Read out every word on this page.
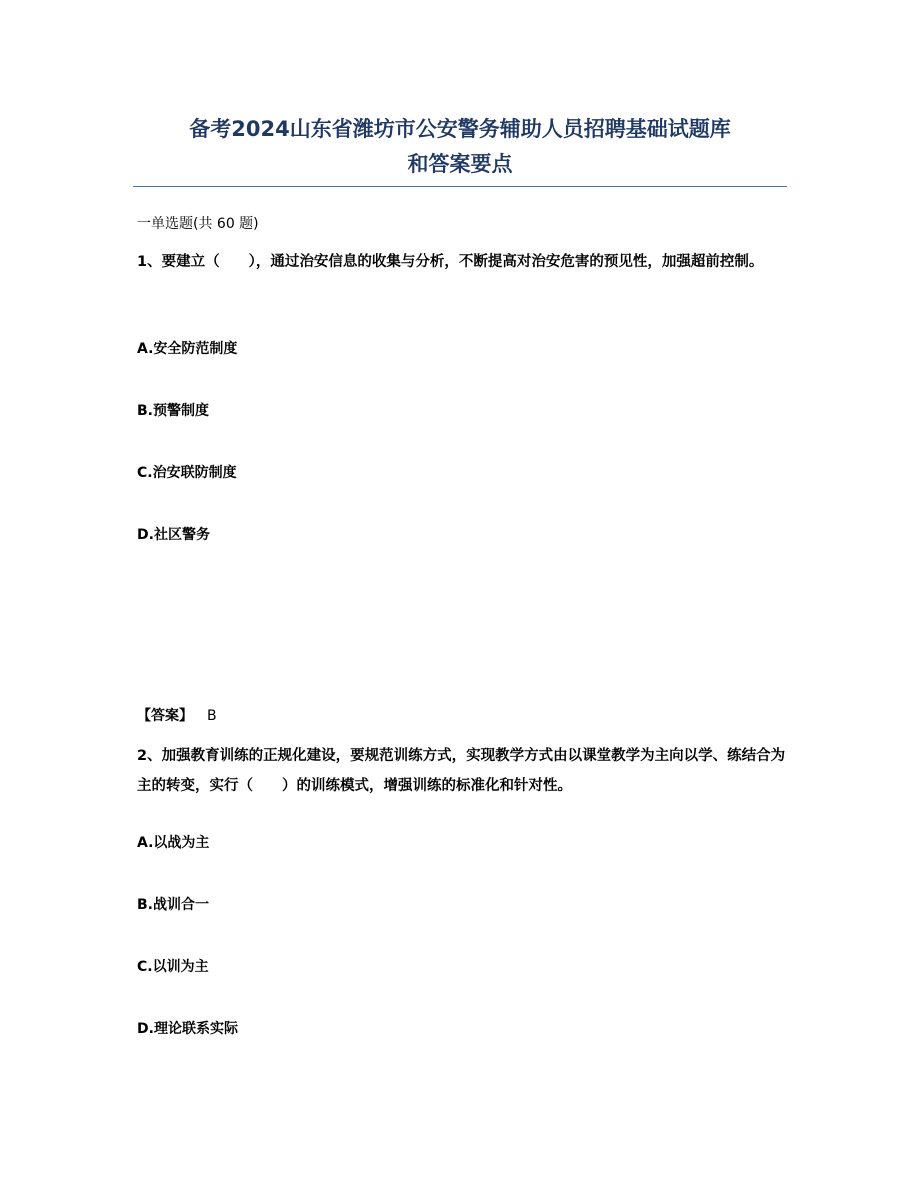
备考2024山东省潍坊市公安警务辅助人员招聘基础试题库
和答案要点
一单选题(共 60 题)
1、要建立（　　），通过治安信息的收集与分析，不断提高对治安危害的预见性，加强超前控制。
A.安全防范制度
B.预警制度
C.治安联防制度
D.社区警务
【答案】 B
2、加强教育训练的正规化建设，要规范训练方式，实现教学方式由以课堂教学为主向以学、练结合为主的转变，实行（　　）的训练模式，增强训练的标准化和针对性。
A.以战为主
B.战训合一
C.以训为主
D.理论联系实际
